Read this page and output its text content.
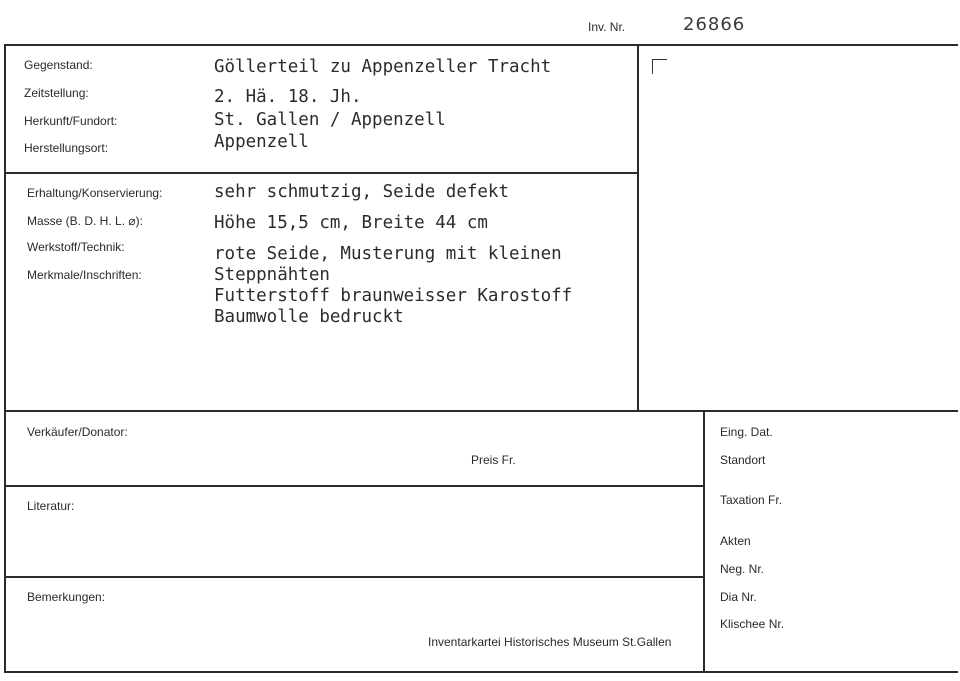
Inv. Nr.	26866
Gegenstand:
Zeitstellung:
Herkunft/Fundort:
Herstellungsort:
Göllerteil zu Appenzeller Tracht
2. Hä. 18. Jh.
St. Gallen / Appenzell
Appenzell
Erhaltung/Konservierung:
Masse (B. D. H. L. ⌀):
Werkstoff/Technik:
Merkmale/Inschriften:
sehr schmutzig, Seide defekt
Höhe 15,5 cm, Breite 44 cm
rote Seide, Musterung mit kleinen
Steppnähten
Futterstoff braunweisser Karostoff
Baumwolle bedruckt
Verkäufer/Donator:
Preis Fr.
Literatur:
Bemerkungen:
Inventarkartei Historisches Museum St.Gallen
Eing. Dat.
Standort
Taxation Fr.
Akten
Neg. Nr.
Dia Nr.
Klischee Nr.
